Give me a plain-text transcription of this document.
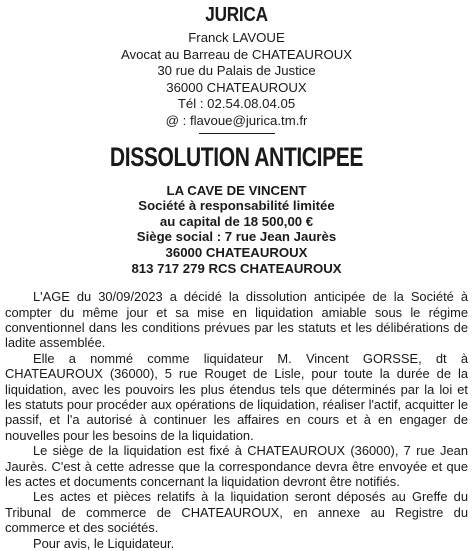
JURICA
Franck LAVOUE
Avocat au Barreau de CHATEAUROUX
30 rue du Palais de Justice
36000 CHATEAUROUX
Tél : 02.54.08.04.05
@ : flavoue@jurica.tm.fr
DISSOLUTION ANTICIPEE
LA CAVE DE VINCENT
Société à responsabilité limitée
au capital de 18 500,00 €
Siège social : 7 rue Jean Jaurès
36000 CHATEAUROUX
813 717 279 RCS CHATEAUROUX

L'AGE du 30/09/2023 a décidé la dissolution anticipée de la Société à compter du même jour et sa mise en liquidation amiable sous le régime conventionnel dans les conditions prévues par les statuts et les délibérations de ladite assemblée.

Elle a nommé comme liquidateur M. Vincent GORSSE, dt à CHATEAUROUX (36000), 5 rue Rouget de Lisle, pour toute la durée de la liquidation, avec les pouvoirs les plus étendus tels que déterminés par la loi et les statuts pour procéder aux opérations de liquidation, réaliser l'actif, acquitter le passif, et l'a autorisé à continuer les affaires en cours et à en engager de nouvelles pour les besoins de la liquidation.

Le siège de la liquidation est fixé à CHATEAUROUX (36000), 7 rue Jean Jaurès. C'est à cette adresse que la correspondance devra être envoyée et que les actes et documents concernant la liquidation devront être notifiés.

Les actes et pièces relatifs à la liquidation seront déposés au Greffe du Tribunal de commerce de CHATEAUROUX, en annexe au Registre du commerce et des sociétés.

Pour avis, le Liquidateur.
